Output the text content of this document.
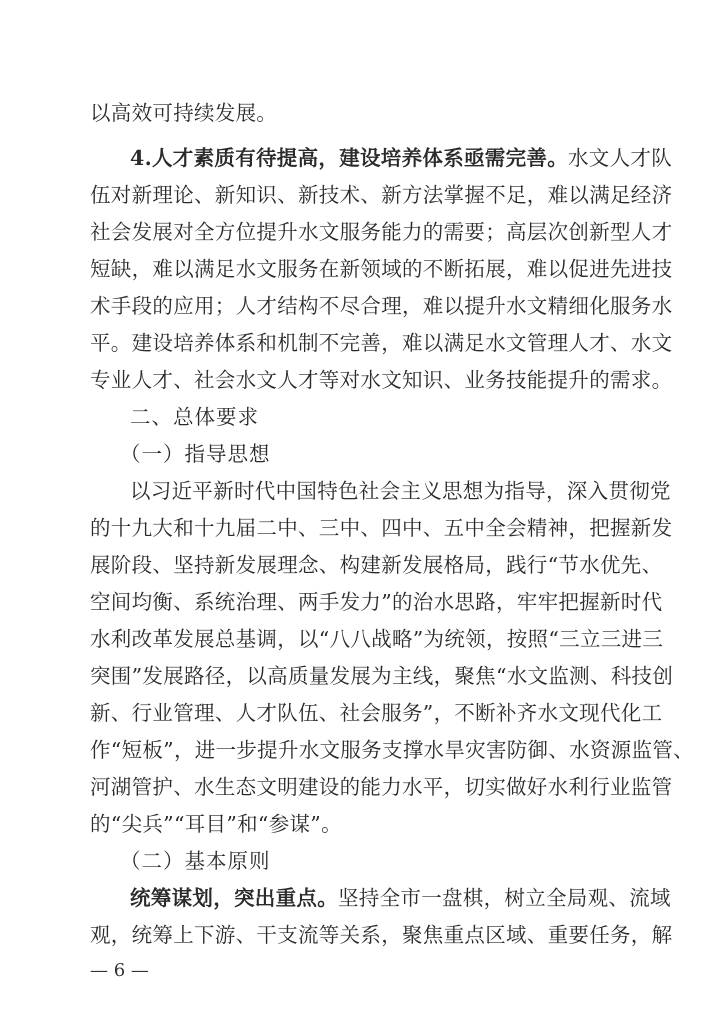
以高效可持续发展。
4.人才素质有待提高，建设培养体系亟需完善。水文人才队
伍对新理论、新知识、新技术、新方法掌握不足，难以满足经济
社会发展对全方位提升水文服务能力的需要；高层次创新型人才
短缺，难以满足水文服务在新领域的不断拓展，难以促进先进技
术手段的应用；人才结构不尽合理，难以提升水文精细化服务水
平。建设培养体系和机制不完善，难以满足水文管理人才、水文
专业人才、社会水文人才等对水文知识、业务技能提升的需求。
二、总体要求
（一）指导思想
以习近平新时代中国特色社会主义思想为指导，深入贯彻党
的十九大和十九届二中、三中、四中、五中全会精神，把握新发
展阶段、坚持新发展理念、构建新发展格局，践行“节水优先、
空间均衡、系统治理、两手发力”的治水思路，牢牢把握新时代
水利改革发展总基调，以“八八战略”为统领，按照“三立三进三
突围”发展路径，以高质量发展为主线，聚焦“水文监测、科技创
新、行业管理、人才队伍、社会服务”，不断补齐水文现代化工
作“短板”，进一步提升水文服务支撑水旱灾害防御、水资源监管、
河湖管护、水生态文明建设的能力水平，切实做好水利行业监管
的“尖兵”“耳目”和“参谋”。
（二）基本原则
统筹谋划，突出重点。坚持全市一盘棋，树立全局观、流域
观，统筹上下游、干支流等关系，聚焦重点区域、重要任务，解
— 6 —
